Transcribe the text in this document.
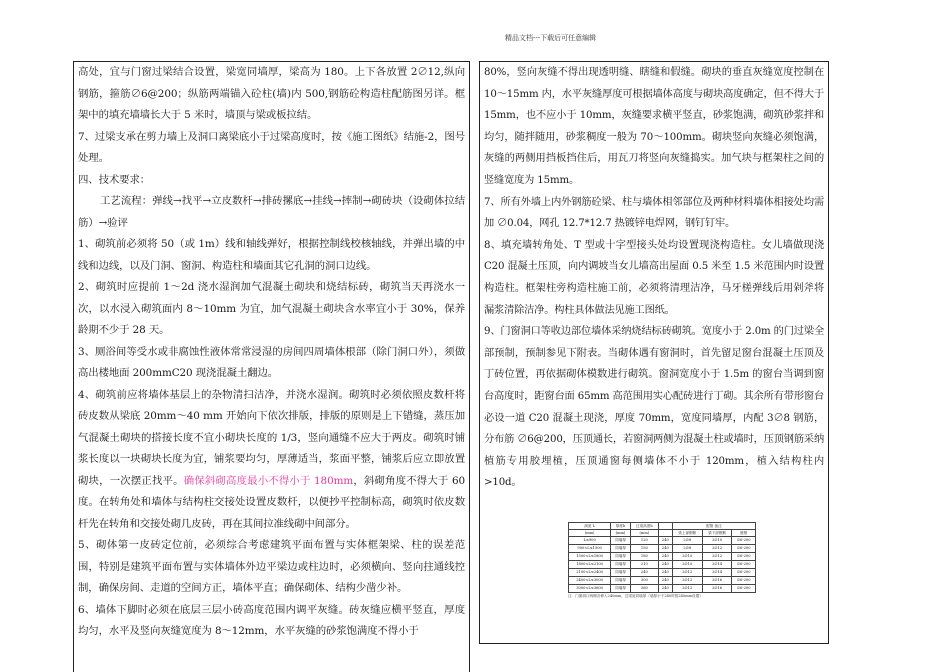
精品文档---下载后可任意编辑

高处，宜与门窗过梁结合设置，梁宽同墙厚，梁高为 180。上下各放置 2∅12,纵向钢筋，箍筋∅6@200；纵筋两端锚入砼柱(墙)内 500,钢筋砼构造柱配筋图另详。框架中的填充墙墙长大于 5 米时，墙顶与梁或板拉结。

7、过梁支承在剪力墙上及洞口离梁底小于过梁高度时，按《施工图纸》结施-2，图号处理。

四、技术要求：

工艺流程：弹线→找平→立皮数杆→排砖摞底→挂线→摔制→砌砖块（设砌体拉结筋）→验评

1、砌筑前必须将 50（或 1m）线和轴线弹好，根据控制线校核轴线，并弹出墙的中线和边线，以及门洞、窗洞、构造柱和墙面其它孔洞的洞口边线。

2、砌筑时应提前 1～2d 浇水湿润加气混凝土砌块和烧结标砖，砌筑当天再浇水一次，以水浸入砌筑面内 8～10mm 为宜，加气混凝土砌块含水率宜小于 30%，保养龄期不少于 28 天。

3、厕浴间等受水或非腐蚀性液体常常浸湿的房间四周墙体根部（除门洞口外），须做高出楼地面 200mmC20 现浇混凝土翻边。

4、砌筑前应将墙体基层上的杂物清扫洁净，并浇水湿润。砌筑时必须依照皮数杆将砖皮数从梁底 20mm～40 mm 开始向下依次排版，排版的原则是上下错缝，蒸压加气混凝土砌块的搭接长度不宜小砌块长度的 1/3，竖向通缝不应大于两皮。砌筑时铺浆长度以一块砌块长度为宜，铺浆要均匀，厚薄适当，浆面平整，铺浆后应立即放置砌块，一次摆正找平。确保斜砌高度最小不得小于 180mm，斜砌角度不得大于 60 度。在转角处和墙体与结构柱交接处设置皮数杆，以便抄平控制标高，砌筑时依皮数杆先在转角和交接处砌几皮砖，再在其间拉准线砌中间部分。

5、砌体第一皮砖定位前，必须综合考虑建筑平面布置与实体框架梁、柱的误差范围，特别是建筑平面布置与实体墙体外边平梁边或柱边时，必须横向、竖向拄通线控制，确保房间、走道的空间方正，墙体平直；确保砌体、结构少凿少补。

6、墙体下脚时必须在底层三层小砖高度范围内调平灰缝。砖灰缝应横平竖直，厚度均匀，水平及竖向灰缝宽度为 8～12mm，水平灰缝的砂浆饱满度不得小于

80%，竖向灰缝不得出现透明缝、瞎缝和假缝。砌块的垂直灰缝宽度控制在 10～15mm 内，水平灰缝厚度可根据墙体高度与砌块高度确定，但不得大于 15mm，也不应小于 10mm，灰缝要求横平竖直，砂浆饱满，砌筑砂浆拌和均匀，随拌随用，砂浆稠度一般为 70～100mm。砌块竖向灰缝必须饱满，灰缝的两侧用挡板挡住后，用瓦刀将竖向灰缝捣实。加气块与框架柱之间的竖缝宽度为 15mm。

7、所有外墙上内外钢筋砼梁、柱与墙体相邻部位及两种材料墙体相接处均需加 ∅0.04，网孔 12.7*12.7 热镀锌电焊网，钢钉钉牢。

8、填充墙转角处、T 型或十字型接头处均设置现浇构造柱。女儿墙做现浇 C20 混凝土压顶，向内调坡当女儿墙高出屋面 0.5 米至 1.5 米范围内时设置构造柱。框架柱旁构造柱施工前，必须将清理洁净，马牙槎弹线后用剁斧将漏浆清除洁净。构柱具体做法见施工图纸。

9、门窗洞口等收边部位墙体采纳烧结标砖砌筑。宽度小于 2.0m 的门过梁全部预制，预制参见下附表。当砌体遇有窗洞时，首先留足窗台混凝土压顶及丁砖位置，再依据砌体模数进行砌筑。窗洞宽度小于 1.5m 的窗台当调到窗台高度时，距窗台面 65mm 高范围用实心配砖进行丁砌。其余所有带形窗台必设一道 C20 混凝土现浇，厚度 70mm，宽度同墙厚，内配 3∅8 钢筋，分布筋 ∅6@200，压顶通长，若窗洞两侧为混凝土柱或墙时，压顶钢筋采纳植筋专用胶埋植，压顶通窗每侧墙体不小于 120mm，植入结构柱内 >10d。

洞宽 L	厚度b	过梁高度h		配筋 备注		
(mm)	(mm)	(mm)		梁上部钢筋	梁下部钢筋	箍筋
L≤900	同墙厚	120	240	2∅8	2∅10	∅6-200
900<L≤1500	同墙厚	150	240	2∅8	2∅12	∅6-200
1500<L≤1800	同墙厚	180	240	2∅10	2∅12	∅6-200
1800<L≤2100	同墙厚	210	240	2∅10	2∅14	∅6-200
2100<L≤2400	同墙厚	240	240	2∅12	2∅14	∅6-200
2400<L≤3000	同墙厚	300	240	2∅12	2∅16	∅6-200
3000<L≤3600	同墙厚	360	240	2∅12	2∅16	∅6-200
注：门窗洞口两侧各伸入240mm，过梁宽同墙厚（墙厚小于240时按240mm设置）
